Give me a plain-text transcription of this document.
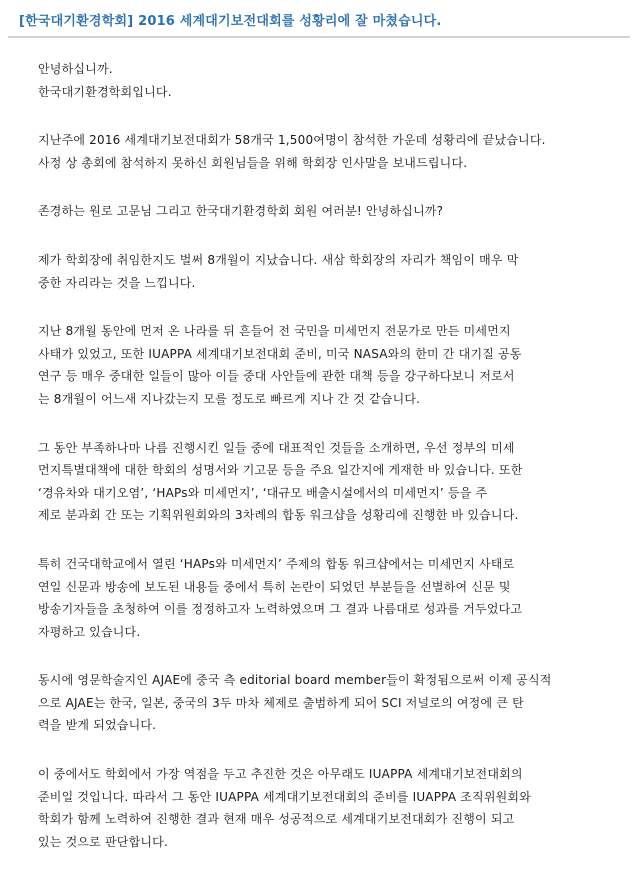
[한국대기환경학회] 2016 세계대기보전대회를 성황리에 잘 마쳤습니다.

안녕하십니까.
한국대기환경학회입니다.

지난주에 2016 세계대기보전대회가 58개국 1,500여명이 참석한 가운데 성황리에 끝났습니다.
사정 상 총회에 참석하지 못하신 회원님들을 위해 학회장 인사말을 보내드립니다.

존경하는 원로 고문님 그리고 한국대기환경학회 회원 여러분! 안녕하십니까?

제가 학회장에 취임한지도 벌써 8개월이 지났습니다. 새삼 학회장의 자리가 책임이 매우 막
중한 자리라는 것을 느낍니다.

지난 8개월 동안에 먼저 온 나라를 뒤 흔들어 전 국민을 미세먼지 전문가로 만든 미세먼지
사태가 있었고, 또한 IUAPPA 세계대기보전대회 준비, 미국 NASA와의 한미 간 대기질 공동
연구 등 매우 중대한 일들이 많아 이들 중대 사안들에 관한 대책 등을 강구하다보니 저로서
는 8개월이 어느새 지나갔는지 모를 정도로 빠르게 지나 간 것 같습니다.

그 동안 부족하나마 나름 진행시킨 일들 중에 대표적인 것들을 소개하면, 우선 정부의 미세
먼지특별대책에 대한 학회의 성명서와 기고문 등을 주요 일간지에 게재한 바 있습니다. 또한
‘경유차와 대기오염’, ‘HAPs와 미세먼지’, ‘대규모 배출시설에서의 미세먼지’ 등을 주
제로 분과회 간 또는 기획위원회와의 3차례의 합동 워크샵을 성황리에 진행한 바 있습니다.

특히 건국대학교에서 열린 ‘HAPs와 미세먼지’ 주제의 합동 워크샵에서는 미세먼지 사태로
연일 신문과 방송에 보도된 내용들 중에서 특히 논란이 되었던 부분들을 선별하여 신문 및
방송기자들을 초청하여 이를 정정하고자 노력하였으며 그 결과 나름대로 성과를 거두었다고
자평하고 있습니다.

동시에 영문학술지인 AJAE에 중국 측 editorial board member들이 확정됨으로써 이제 공식적
으로 AJAE는 한국, 일본, 중국의 3두 마차 체제로 출범하게 되어 SCI 저널로의 여정에 큰 탄
력을 받게 되었습니다.

이 중에서도 학회에서 가장 역점을 두고 추진한 것은 아무래도 IUAPPA 세계대기보전대회의
준비일 것입니다. 따라서 그 동안 IUAPPA 세계대기보전대회의 준비를 IUAPPA 조직위원회와
학회가 함께 노력하여 진행한 결과 현재 매우 성공적으로 세계대기보전대회가 진행이 되고
있는 것으로 판단합니다.
